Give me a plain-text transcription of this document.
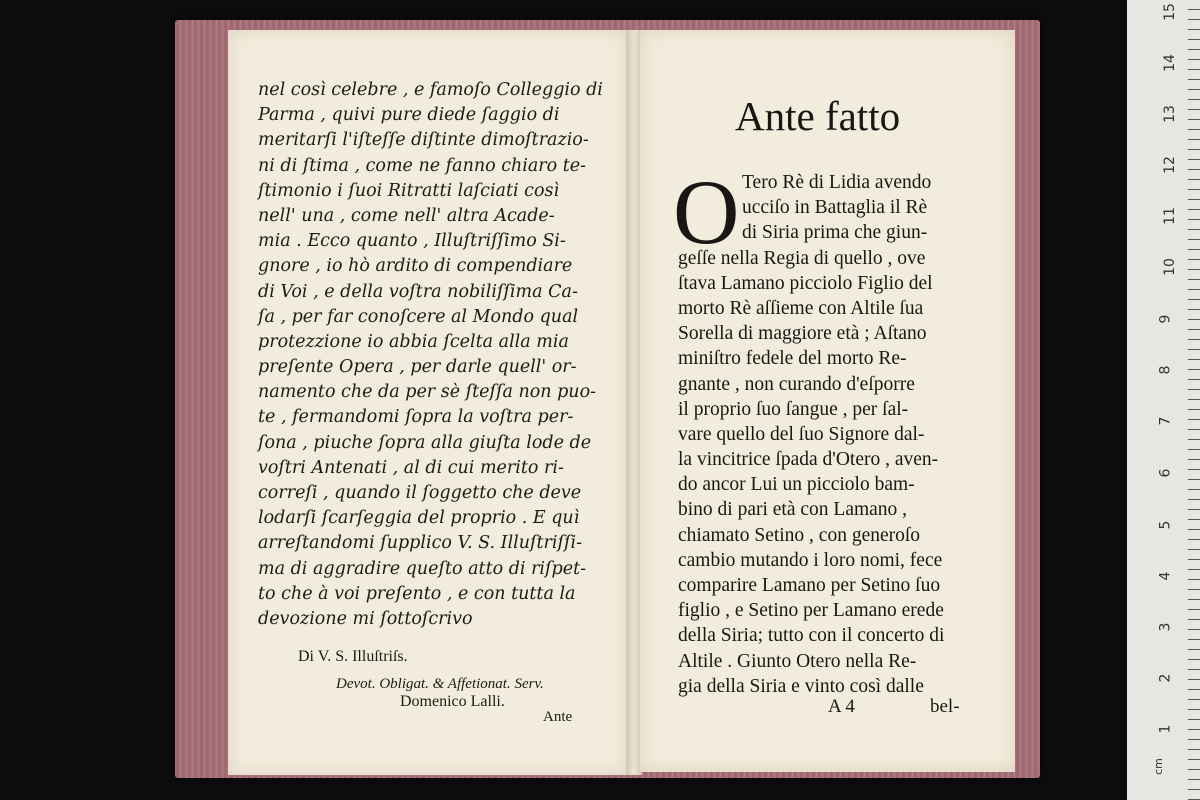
nel così celebre , e famoſo Colleggio di
Parma , quivi pure diede ſaggio di
meritarſi l'iſteſſe diſtinte dimoſtrazio-
ni di ſtima , come ne fanno chiaro te-
ſtimonio i ſuoi Ritratti laſciati così
nell' una , come nell' altra Acade-
mia . Ecco quanto , Illuſtriſſimo Si-
gnore , io hò ardito di compendiare
di Voi , e della voſtra nobiliſſima Ca-
ſa , per far conoſcere al Mondo qual
protezzione io abbia ſcelta alla mia
preſente Opera , per darle quell' or-
namento che da per sè ſteſſa non puo-
te , fermandomi ſopra la voſtra per-
ſona , piuche ſopra alla giuſta lode de
voſtri Antenati , al di cui merito ri-
correſi , quando il ſoggetto che deve
lodarſi ſcarſeggia del proprio . E quì
arreſtandomi ſupplico V. S. Illuſtriſſi-
ma di aggradire queſto atto di riſpet-
to che à voi preſento , e con tutta la
devozione mi ſottoſcrivo
Di V. S. Illuſtriſs.
Devot. Obligat. & Affetionat. Serv.
Domenico Lalli.
Ante
Ante fatto
O Tero Rè di Lidia avendo
ucciſo in Battaglia il Rè
di Siria prima che giun-
geſſe nella Regia di quello , ove
ſtava Lamano picciolo Figlio del
morto Rè aſſieme con Altile ſua
Sorella di maggiore età ; Aſtano
miniſtro fedele del morto Re-
gnante , non curando d'eſporre
il proprio ſuo ſangue , per ſal-
vare quello del ſuo Signore dal-
la vincitrice ſpada d'Otero , aven-
do ancor Lui un picciolo bam-
bino di pari età con Lamano ,
chiamato Setino , con generoſo
cambio mutando i loro nomi, fece
comparire Lamano per Setino ſuo
figlio , e Setino per Lamano erede
della Siria; tutto con il concerto di
Altile . Giunto Otero nella Re-
gia della Siria e vinto così dalle
A 4	bel-
15
14
13
12
11
10
9
8
7
6
5
4
3
2
1
cm
